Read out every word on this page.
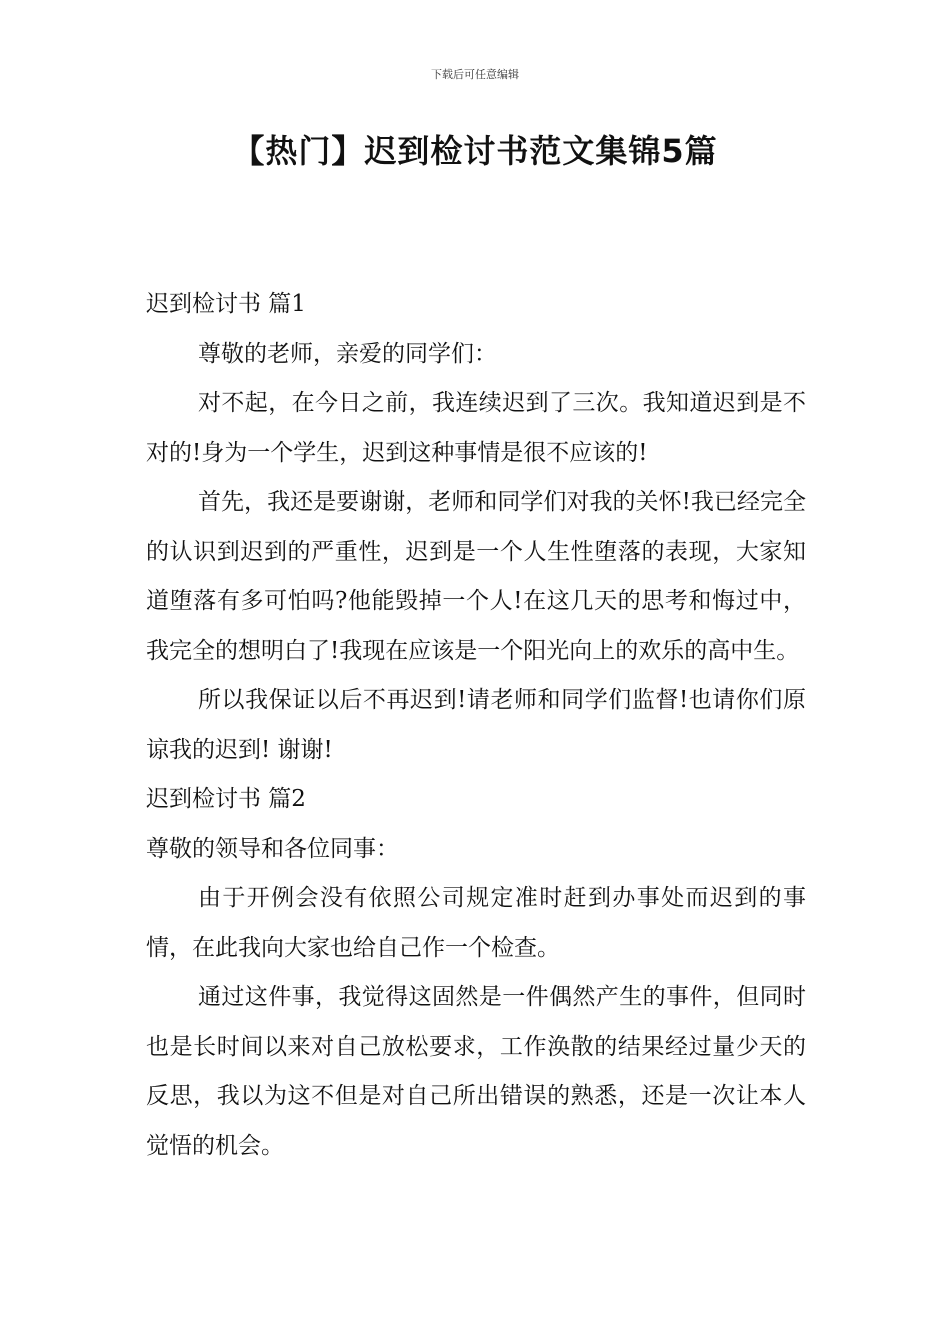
下载后可任意编辑
【热门】迟到检讨书范文集锦5篇

迟到检讨书 篇1

尊敬的老师，亲爱的同学们：

对不起，在今日之前，我连续迟到了三次。我知道迟到是不对的!身为一个学生，迟到这种事情是很不应该的!

首先，我还是要谢谢，老师和同学们对我的关怀!我已经完全的认识到迟到的严重性，迟到是一个人生性堕落的表现，大家知道堕落有多可怕吗?他能毁掉一个人!在这几天的思考和悔过中，我完全的想明白了!我现在应该是一个阳光向上的欢乐的高中生。

所以我保证以后不再迟到!请老师和同学们监督!也请你们原谅我的迟到! 谢谢!

迟到检讨书 篇2

尊敬的领导和各位同事：

由于开例会没有依照公司规定准时赶到办事处而迟到的事情，在此我向大家也给自己作一个检查。

通过这件事，我觉得这固然是一件偶然产生的事件，但同时也是长时间以来对自己放松要求，工作涣散的结果经过量少天的反思，我以为这不但是对自己所出错误的熟悉，还是一次让本人觉悟的机会。
